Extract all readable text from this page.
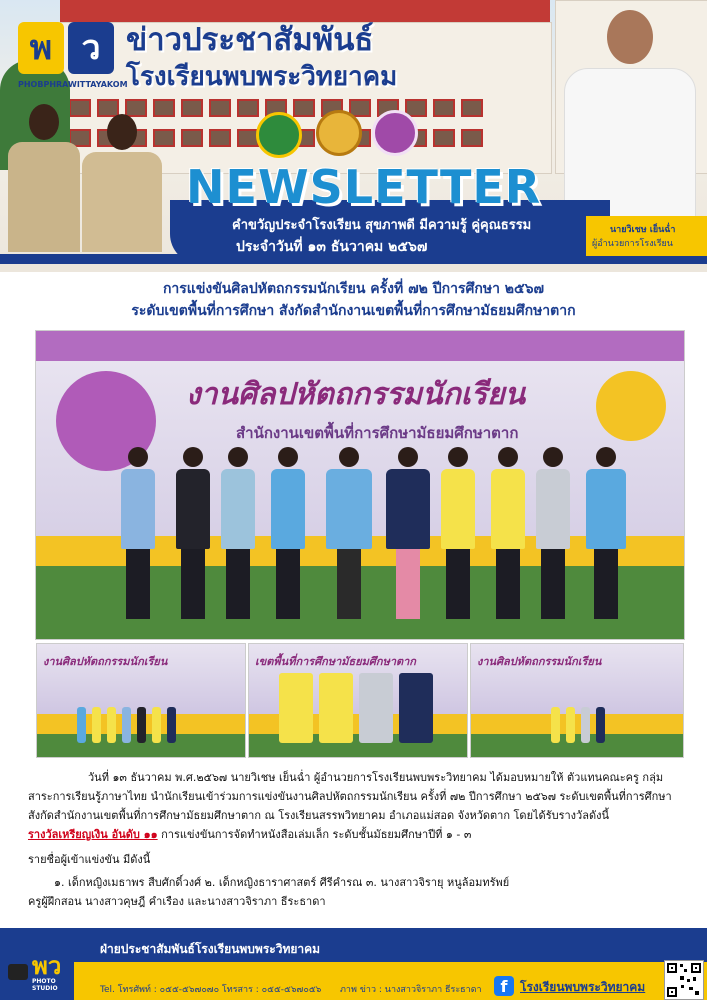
พ ว
PHOBPHRAWITTAYAKOM
ข่าวประชาสัมพันธ์
โรงเรียนพบพระวิทยาคม
NEWSLETTER
คำขวัญประจำโรงเรียน สุขภาพดี มีความรู้ คู่คุณธรรม
ประจำวันที่ ๑๓ ธันวาคม ๒๕๖๗
นายวิเชษ เย็นฉ่ำ
ผู้อำนวยการโรงเรียน
การแข่งขันศิลปหัตถกรรมนักเรียน ครั้งที่ ๗๒ ปีการศึกษา ๒๕๖๗
ระดับเขตพื้นที่การศึกษา สังกัดสำนักงานเขตพื้นที่การศึกษามัธยมศึกษาตาก
งานศิลปหัตถกรรมนักเรียน
สำนักงานเขตพื้นที่การศึกษามัธยมศึกษาตาก
งานศิลปหัตถกรรมนักเรียน	เขตพื้นที่การศึกษามัธยมศึกษาตาก	งานศิลปหัตถกรรมนักเรียน

วันที่ ๑๓ ธันวาคม พ.ศ.๒๕๖๗ นายวิเชษ เย็นฉ่ำ ผู้อำนวยการโรงเรียนพบพระวิทยาคม ได้มอบหมายให้ ตัวแทนคณะครู กลุ่มสาระการเรียนรู้ภาษาไทย นำนักเรียนเข้าร่วมการแข่งขันงานศิลปหัตถกรรมนักเรียน ครั้งที่ ๗๒ ปีการศึกษา ๒๕๖๗ ระดับเขตพื้นที่การศึกษา สังกัดสำนักงานเขตพื้นที่การศึกษามัธยมศึกษาตาก ณ โรงเรียนสรรพวิทยาคม อำเภอแม่สอด จังหวัดตาก โดยได้รับรางวัลดังนี้
รางวัลเหรียญเงิน อันดับ ๑๑ การแข่งขันการจัดทำหนังสือเล่มเล็ก ระดับชั้นมัธยมศึกษาปีที่ ๑ - ๓

รายชื่อผู้เข้าแข่งขัน มีดังนี้

๑. เด็กหญิงเมธาพร สืบศักดิ์วงศ์ ๒. เด็กหญิงธาราศาสตร์ ศีรีคำรณ ๓. นางสาวจิรายุ หนูล้อมทรัพย์

ครูผู้ฝึกสอน นางสาวคุษฎี คำเรือง และนางสาวจิราภา ธีระธาดา

พว
PHOTO STUDIO
ฝ่ายประชาสัมพันธ์โรงเรียนพบพระวิทยาคม
Tel. โทรศัพท์ : ๐๕๕-๕๖๗๐๗๐ โทรสาร : ๐๕๕-๕๖๗๐๕๖ ภาพ ข่าว : นางสาวจิราภา ธีระธาดา	f	โรงเรียนพบพระวิทยาคม
